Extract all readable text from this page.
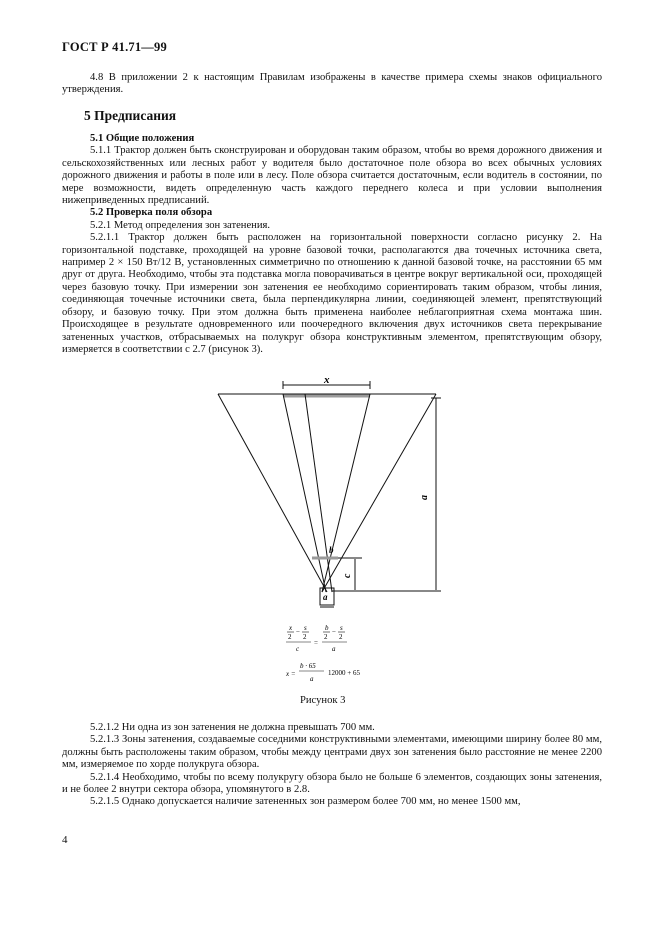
ГОСТ Р 41.71—99

4.8 В приложении 2 к настоящим Правилам изображены в качестве примера схемы знаков официального утверждения.

5 Предписания

5.1 Общие положения

5.1.1 Трактор должен быть сконструирован и оборудован таким образом, чтобы во время дорожного движения и сельскохозяйственных или лесных работ у водителя было достаточное поле обзора во всех обычных условиях дорожного движения и работы в поле или в лесу. Поле обзора считается достаточным, если водитель в состоянии, по мере возможности, видеть определенную часть каждого переднего колеса и при условии выполнения нижеприведенных предписаний.

5.2 Проверка поля обзора

5.2.1 Метод определения зон затенения.

5.2.1.1 Трактор должен быть расположен на горизонтальной поверхности согласно рисунку 2. На горизонтальной подставке, проходящей на уровне базовой точки, располагаются два точечных источника света, например 2 × 150 Вт/12 В, установленных симметрично по отношению к данной базовой точке, на расстоянии 65 мм друг от друга. Необходимо, чтобы эта подставка могла поворачиваться в центре вокруг вертикальной оси, проходящей через базовую точку. При измерении зон затенения ее необходимо сориентировать таким образом, чтобы линия, соединяющая точечные источники света, была перпендикулярна линии, соединяющей элемент, препятствующий обзору, и базовую точку. При этом должна быть применена наиболее неблагоприятная схема монтажа шин. Происходящее в результате одновременного или поочередного включения двух источников света перекрывание затененных участков, отбрасываемых на полукруг обзора конструктивным элементом, препятствующим обзору, измеряется в соответствии с 2.7 (рисунок 3).

x
b
a
c
a
x
2
− s
2
c
=
b
2
− s
2
a
x =
b · 65
a
12000 + 65
Рисунок 3

5.2.1.2 Ни одна из зон затенения не должна превышать 700 мм.

5.2.1.3 Зоны затенения, создаваемые соседними конструктивными элементами, имеющими ширину более 80 мм, должны быть расположены таким образом, чтобы между центрами двух зон затенения было расстояние не менее 2200 мм, измеряемое по хорде полукруга обзора.

5.2.1.4 Необходимо, чтобы по всему полукругу обзора было не больше 6 элементов, создающих зоны затенения, и не более 2 внутри сектора обзора, упомянутого в 2.8.

5.2.1.5 Однако допускается наличие затененных зон размером более 700 мм, но менее 1500 мм,

4
